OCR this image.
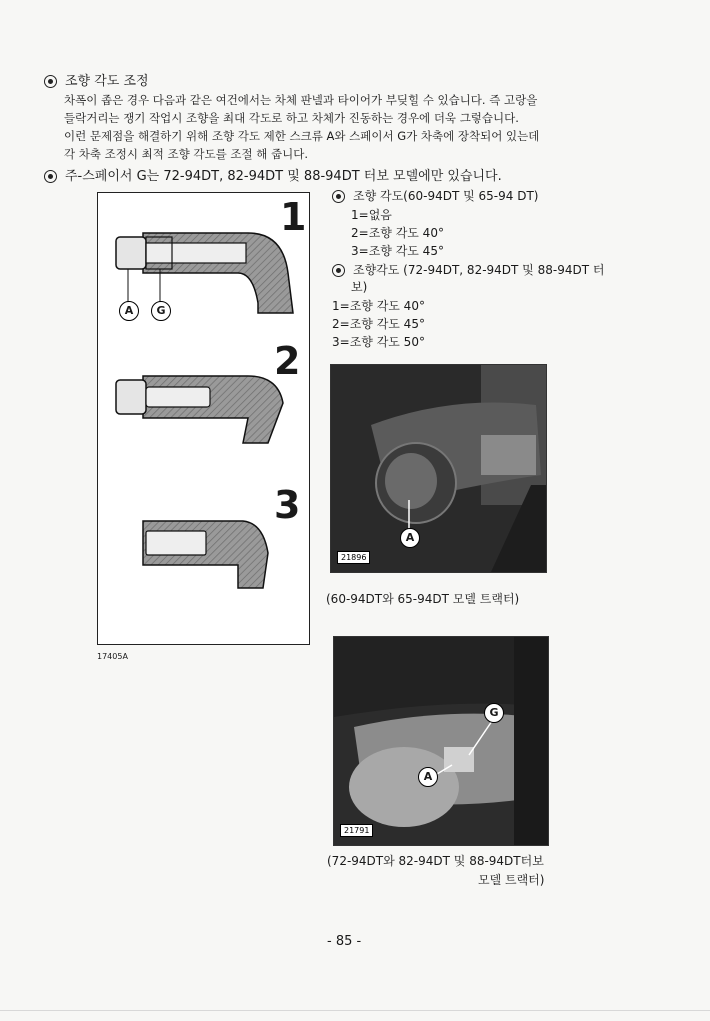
조향 각도 조정
차폭이 좁은 경우 다음과 같은 여건에서는 차체 판넬과 타이어가 부딪힐 수 있습니다. 즉 고랑을
들락거리는 쟁기 작업시 조향을 최대 각도로 하고 차체가 진동하는 경우에 더욱 그렇습니다.
이런 문제점을 해결하기 위해 조향 각도 제한 스크류 A와 스페이서 G가 차축에 장착되어 있는데
각 차축 조정시 최적 조향 각도를 조절 해 줍니다.
주-스페이서 G는 72-94DT, 82-94DT 및 88-94DT 터보 모델에만 있습니다.
1
2
3
A	G
17405A
조향 각도(60-94DT 및 65-94 DT)
1=없음
2=조향 각도 40°
3=조향 각도 45°
조향각도 (72-94DT, 82-94DT 및 88-94DT 터
보)
1=조향 각도 40°
2=조향 각도 45°
3=조향 각도 50°
A
21896
(60-94DT와 65-94DT 모델 트랙터)
G
A
21791
(72-94DT와 82-94DT 및 88-94DT터보
모델 트랙터)
- 85 -
